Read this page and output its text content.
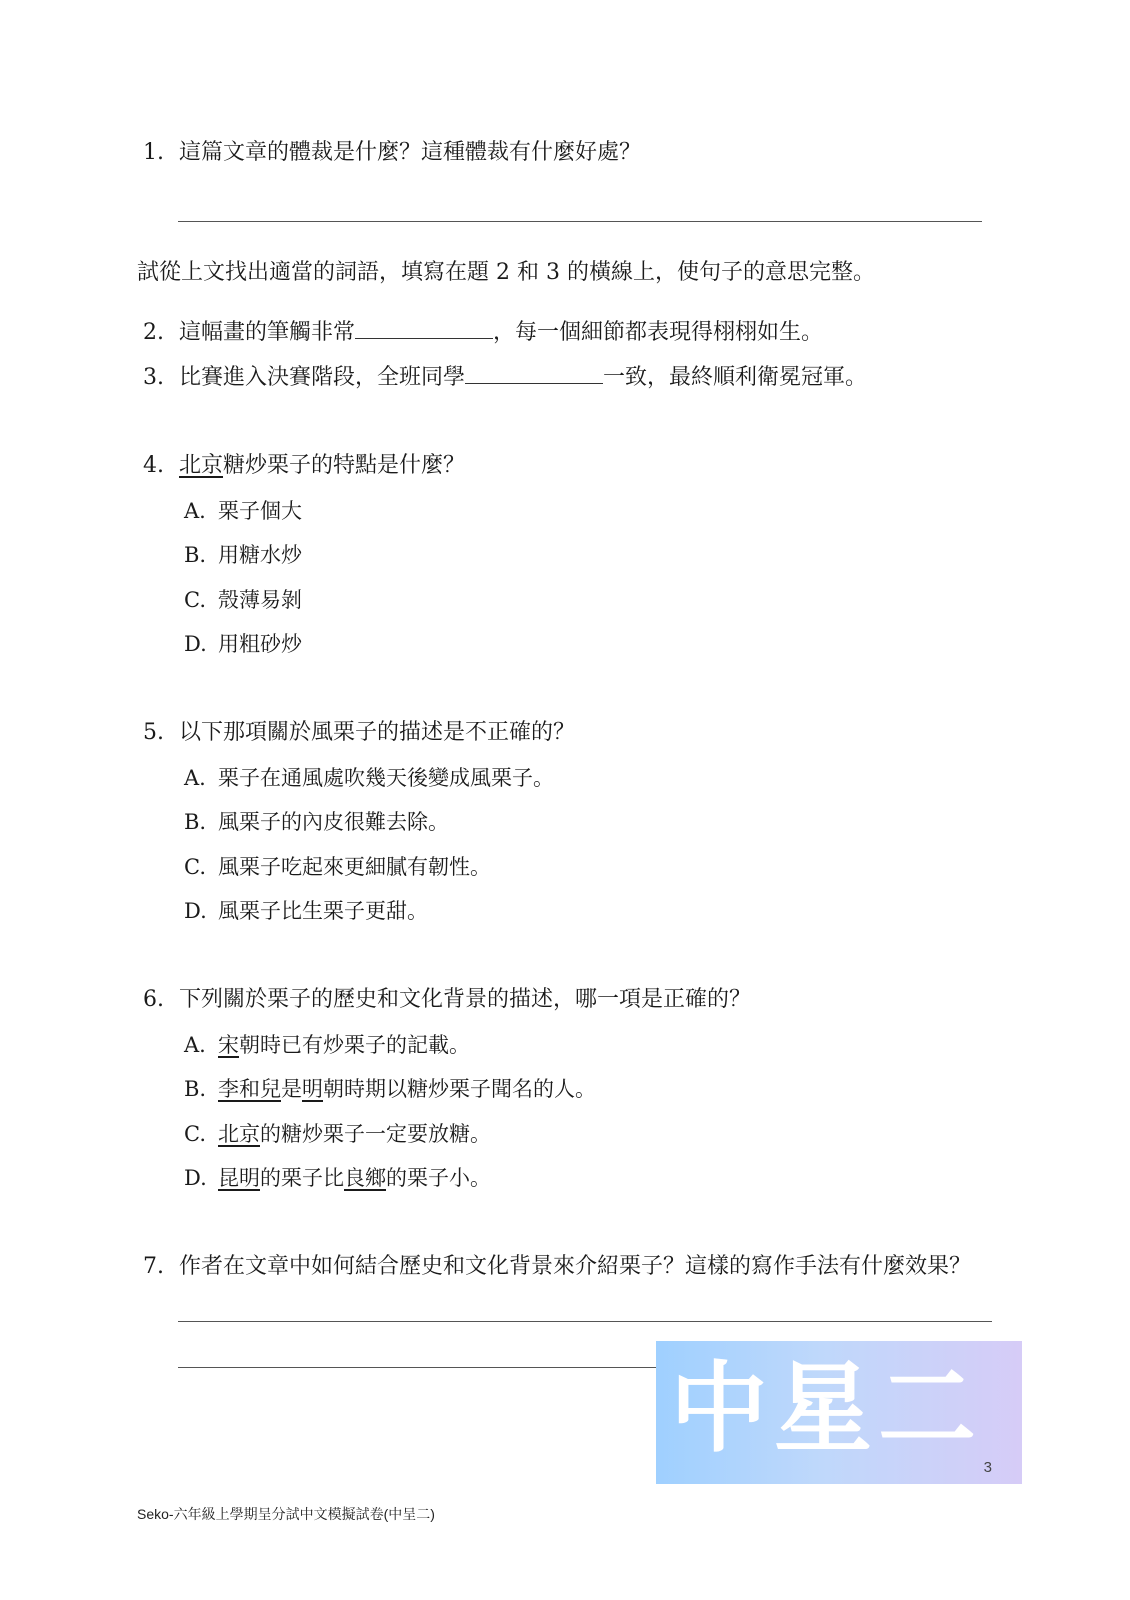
1. 這篇文章的體裁是什麼？這種體裁有什麼好處？
試從上文找出適當的詞語，填寫在題 2 和 3 的橫線上，使句子的意思完整。
2. 這幅畫的筆觸非常	，每一個細節都表現得栩栩如生。
3. 比賽進入決賽階段，全班同學	一致，最終順利衛冕冠軍。
4. 北京糖炒栗子的特點是什麼？
A. 栗子個大
B. 用糖水炒
C. 殼薄易剝
D. 用粗砂炒
5. 以下那項關於風栗子的描述是不正確的？
A. 栗子在通風處吹幾天後變成風栗子。
B. 風栗子的內皮很難去除。
C. 風栗子吃起來更細膩有韌性。
D. 風栗子比生栗子更甜。
6. 下列關於栗子的歷史和文化背景的描述，哪一項是正確的？
A. 宋朝時已有炒栗子的記載。
B. 李和兒是明朝時期以糖炒栗子聞名的人。
C. 北京的糖炒栗子一定要放糖。
D. 昆明的栗子比良鄉的栗子小。
7. 作者在文章中如何結合歷史和文化背景來介紹栗子？這樣的寫作手法有什麼效果？
中星二
3
Seko-六年級上學期呈分試中文模擬試卷(中呈二)
